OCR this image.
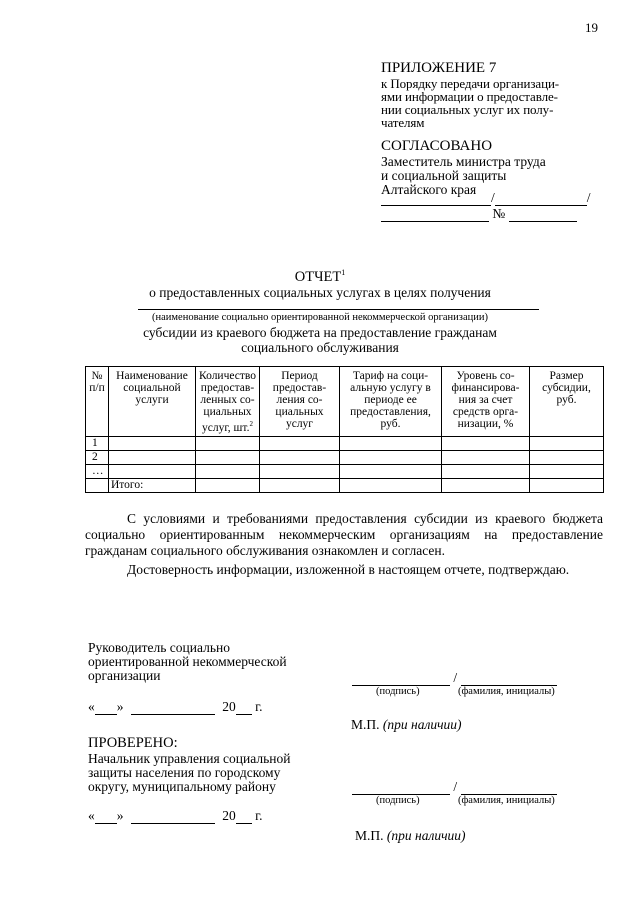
19
ПРИЛОЖЕНИЕ 7
к Порядку передачи организаци-
ями информации о предоставле-
нии социальных услуг их полу-
чателям
СОГЛАСОВАНО
Заместитель министра труда
и социальной защиты
Алтайского края
/	/
№
ОТЧЕТ$^1$
о предоставленных социальных услугах в целях получения
(наименование социально ориентированной некоммерческой организации)
субсидии из краевого бюджета на предоставление гражданам
социального обслуживания
№ п/п	Наименование социальной услуги	Количество предостав-ленных со-циальных услуг, шт.$^2$	Период предостав-ления со-циальных услуг	Тариф на соци-альную услугу в периоде ее предоставления, руб.	Уровень со-финансирова-ния за счет средств орга-низации, %	Размер субсидии, руб.
1						
2						
…						
	Итого:					
С условиями и требованиями предоставления субсидии из краевого бюджета социально ориентированным некоммерческим организациям на предоставление гражданам социального обслуживания ознакомлен и согласен.
Достоверность информации, изложенной в настоящем отчете, подтверждаю.
Руководитель социально
ориентированной некоммерческой
организации	/
(подпись)	(фамилия, инициалы)
« »	20 г.
М.П. (при наличии)
ПРОВЕРЕНО:
Начальник управления социальной
защиты населения по городскому
округу, муниципальному району	/
(подпись)	(фамилия, инициалы)
« »	20 г.
М.П. (при наличии)
